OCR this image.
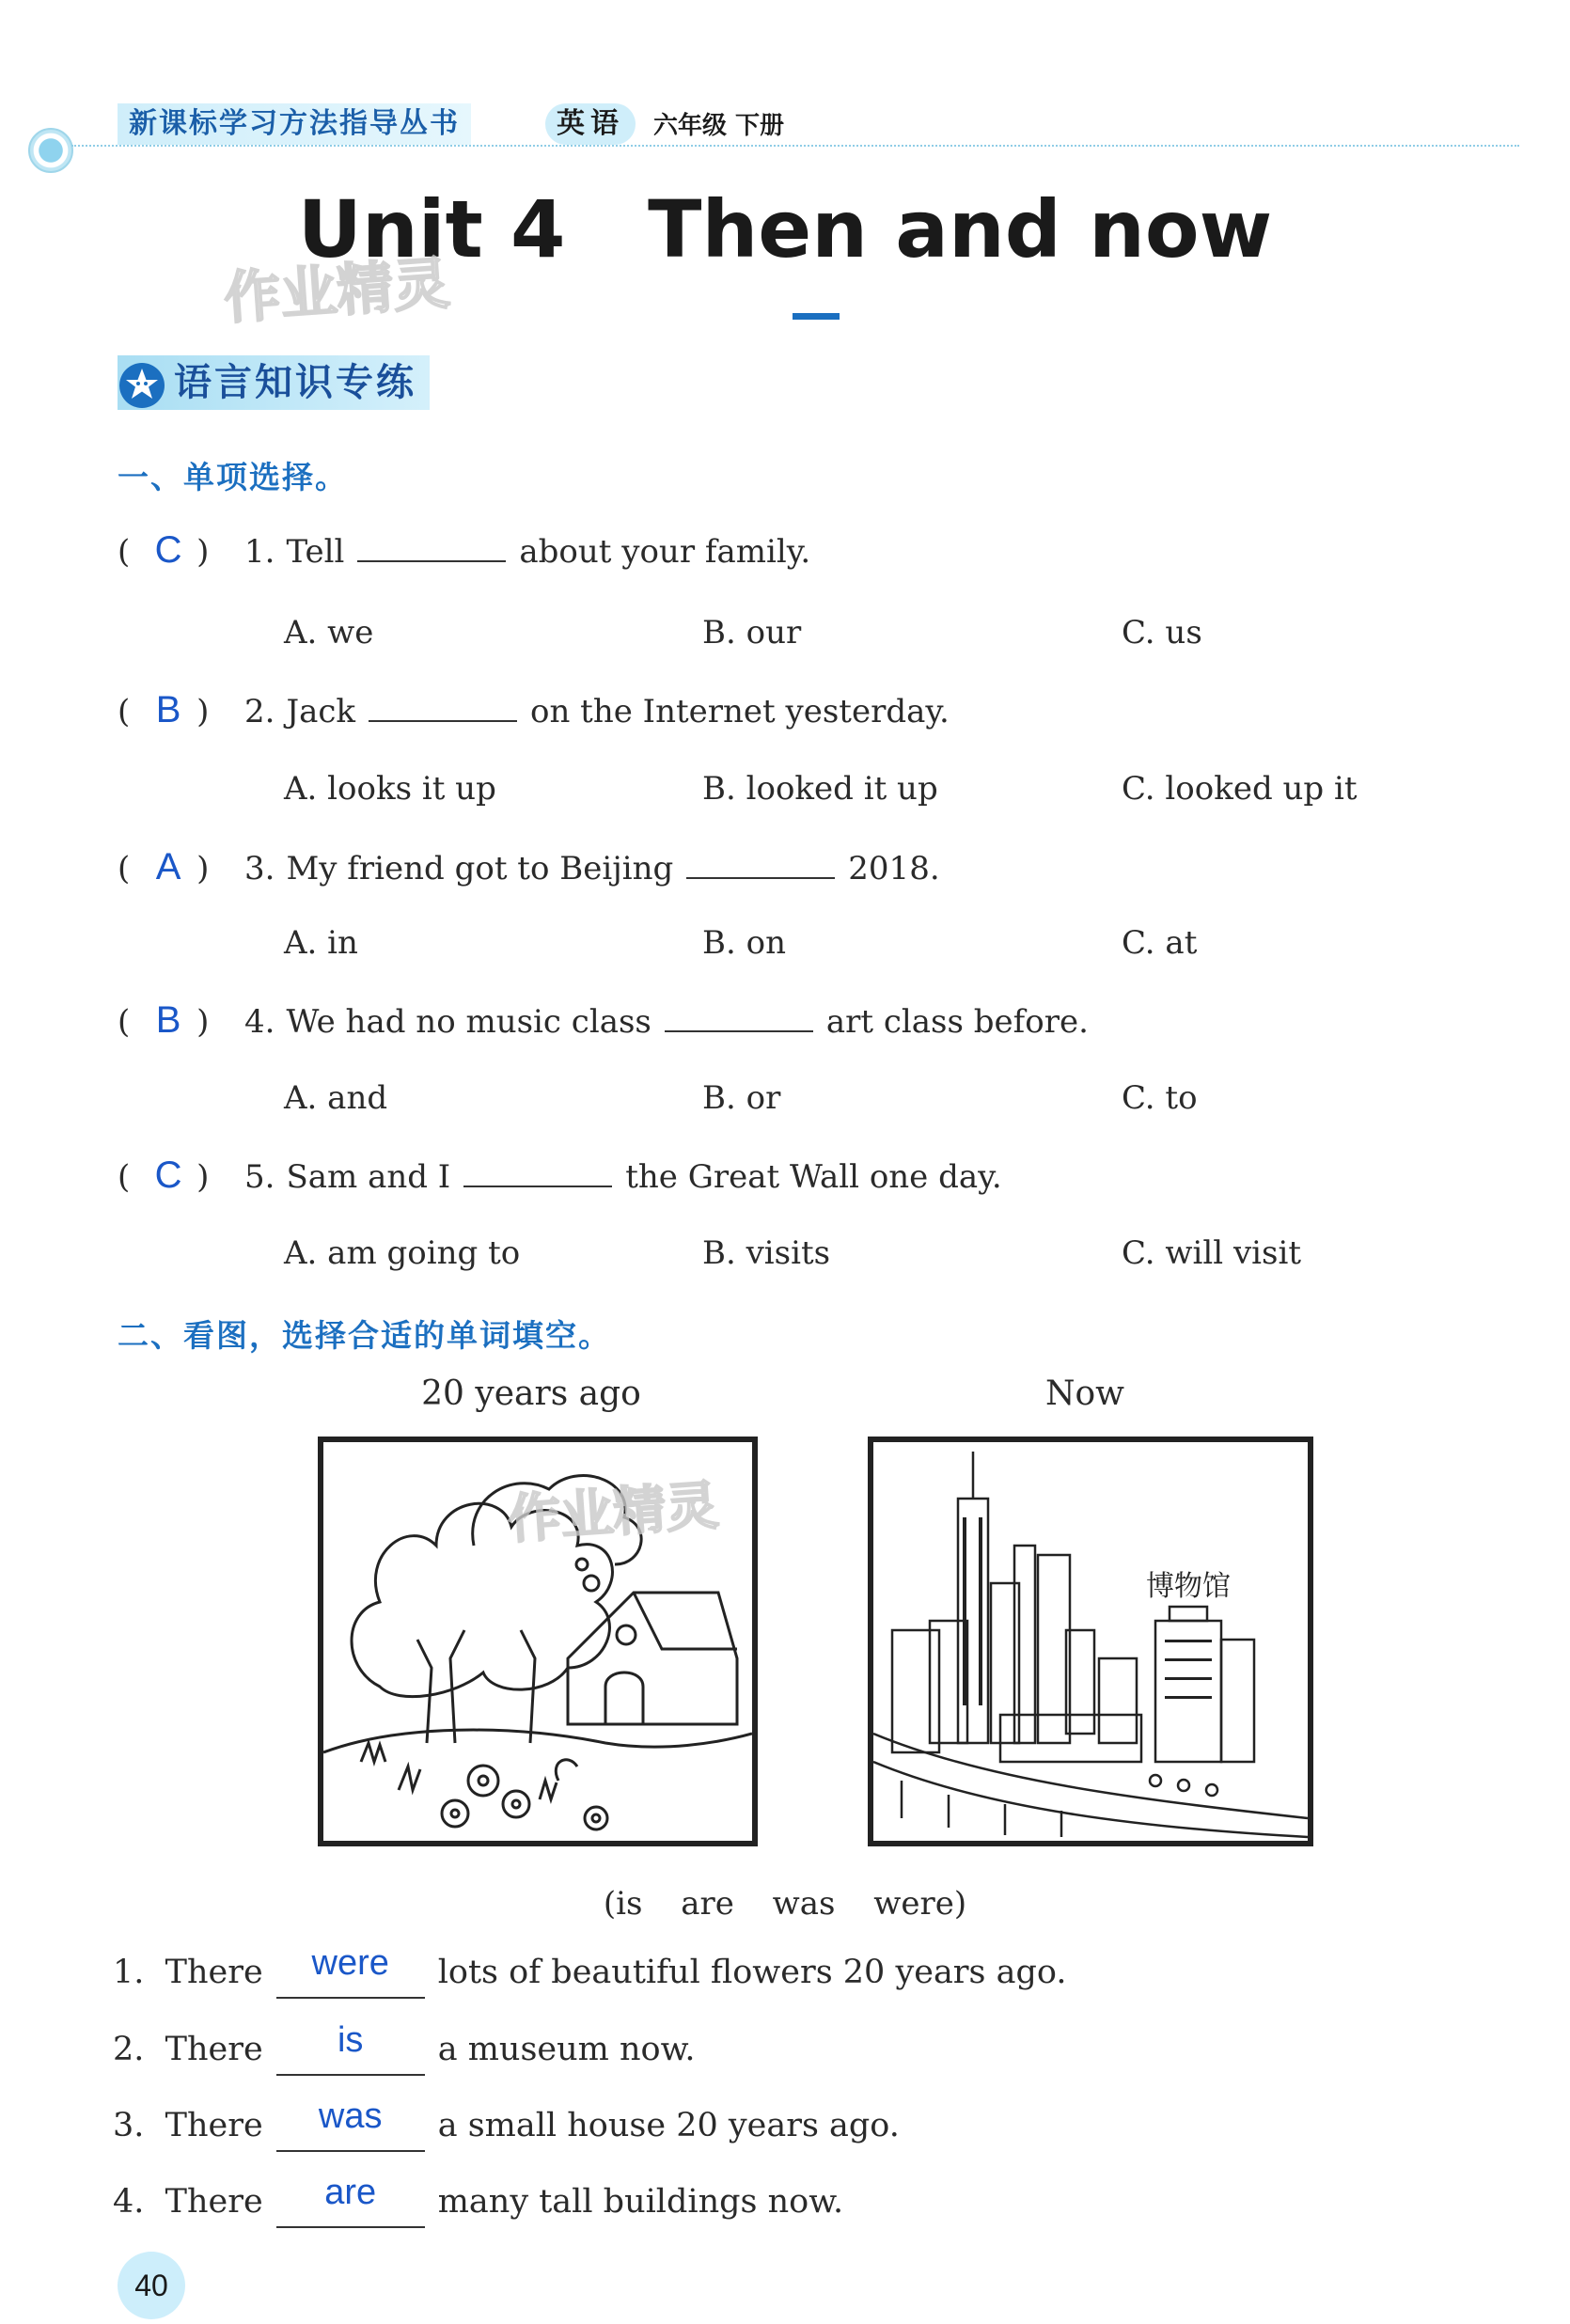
新课标学习方法指导丛书	英语	六年级 下册
Unit 4   Then and now
作业精灵
语言知识专练
一、单项选择。
( C ) 1. Tell	about your family.
A. we	B. our	C. us
( B ) 2. Jack	on the Internet yesterday.
A. looks it up	B. looked it up	C. looked up it
( A ) 3. My friend got to Beijing	2018.
A. in	B. on	C. at
( B ) 4. We had no music class	art class before.
A. and	B. or	C. to
( C ) 5. Sam and I	the Great Wall one day.
A. am going to	B. visits	C. will visit
二、看图，选择合适的单词填空。
20 years ago	Now
作业精灵
博物馆
(is are was were)
1. There	were	lots of beautiful flowers 20 years ago.
2. There	is	a museum now.
3. There	was	a small house 20 years ago.
4. There	are	many tall buildings now.
40
